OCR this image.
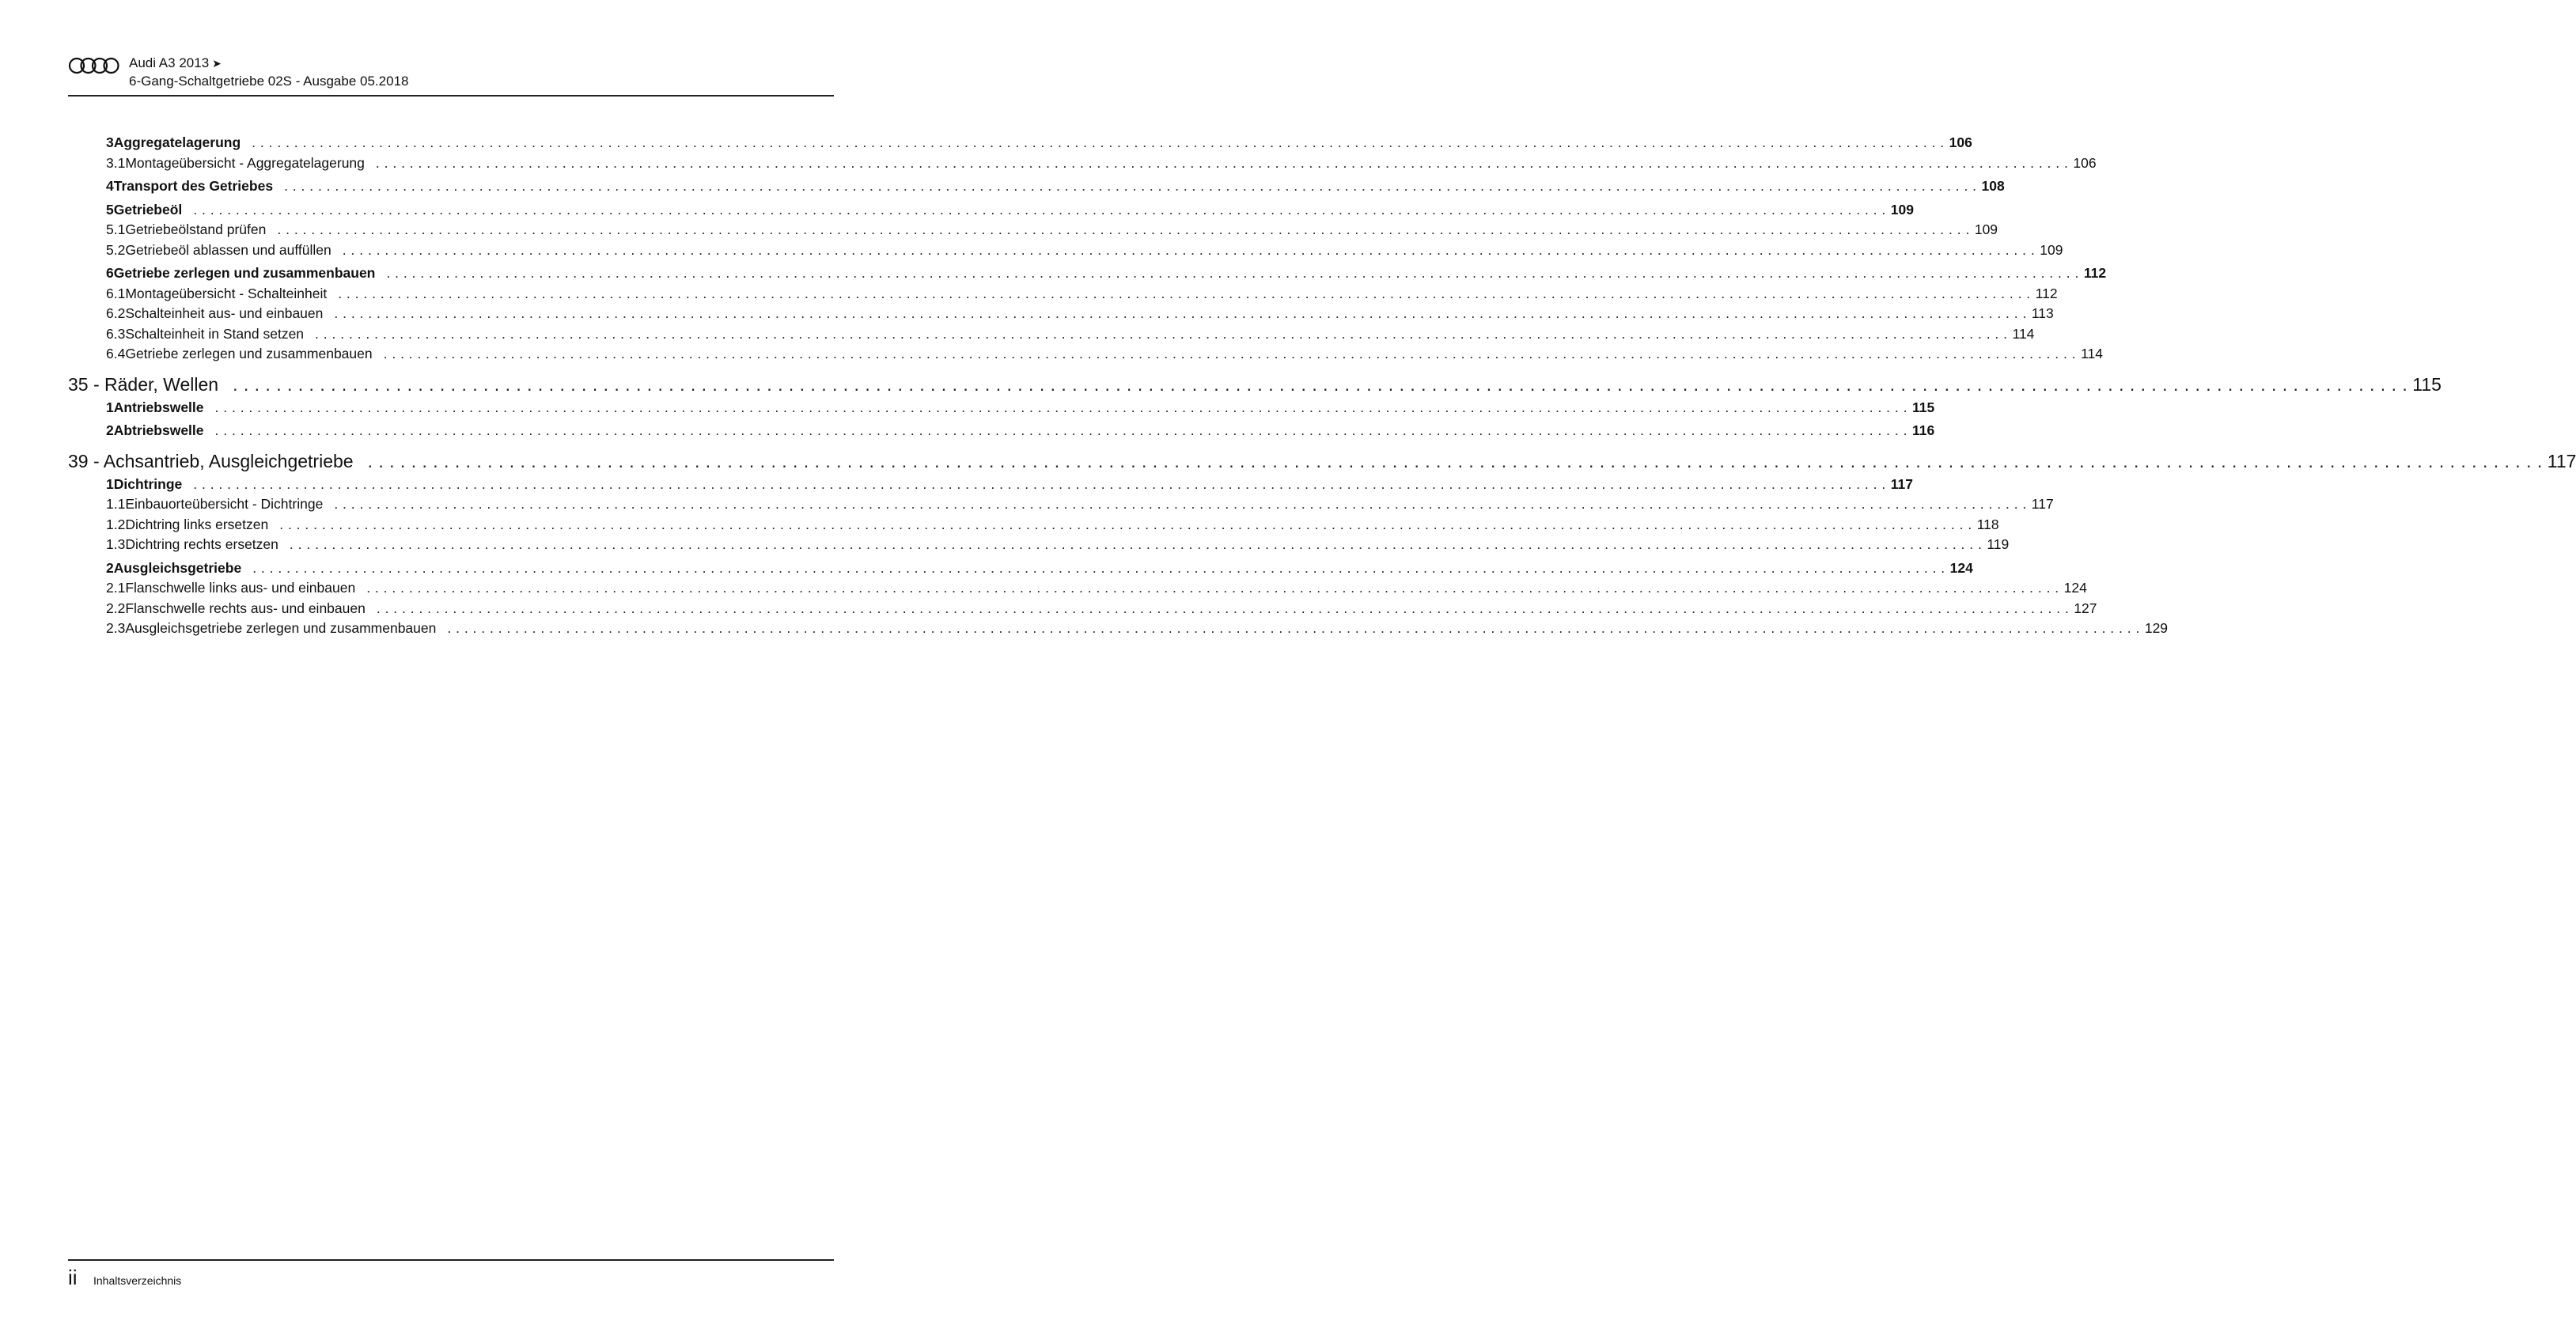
Audi A3 2013 ➤
6-Gang-Schaltgetriebe 02S - Ausgabe 05.2018
3 Aggregatelagerung . . . . . . . . . . . . . . . . . . . . . . . . . . . . . . . . . . . . . . . . . . . . . . . . . . . . . . . . . . . . . . . . . . . . . . . . . . . . . . . . . . . . . . . . . . . . . . . . . . . . . . . . . . . . . . . . . . . . . . . . . . . . . . . . . . . . . . . . . . . . . . . . . . . . . . . . . . . . . . . . . . . . . . . . . . . . . . . . . . . . . . . . . . . . . . . . . . . . . . . . 106
3.1 Montageübersicht - Aggregatelagerung . . . . . . . . . . . . . . . . . . . . . . . . . . . . . . . . . . . . . . . . . . . . . . . . . . . . . . . . . . . . . . . . . . . . . . . . . . . . . . . . . . . . . . . . . . . . . . . . . . . . . . . . . . . . . . . . . . . . . . . . . . . . . . . . . . . . . . . . . . . . . . . . . . . . . . . . . . . . . . . . . . . . . . . . . . . . . . . . . . . . . . . . . . . . . . . . . . . . . . . . 106
4 Transport des Getriebes . . . . . . . . . . . . . . . . . . . . . . . . . . . . . . . . . . . . . . . . . . . . . . . . . . . . . . . . . . . . . . . . . . . . . . . . . . . . . . . . . . . . . . . . . . . . . . . . . . . . . . . . . . . . . . . . . . . . . . . . . . . . . . . . . . . . . . . . . . . . . . . . . . . . . . . . . . . . . . . . . . . . . . . . . . . . . . . . . . . . . . . . . . . . . . . . . . . . . . . . 108
5 Getriebeöl . . . . . . . . . . . . . . . . . . . . . . . . . . . . . . . . . . . . . . . . . . . . . . . . . . . . . . . . . . . . . . . . . . . . . . . . . . . . . . . . . . . . . . . . . . . . . . . . . . . . . . . . . . . . . . . . . . . . . . . . . . . . . . . . . . . . . . . . . . . . . . . . . . . . . . . . . . . . . . . . . . . . . . . . . . . . . . . . . . . . . . . . . . . . . . . . . . . . . . . . 109
5.1 Getriebeölstand prüfen . . . . . . . . . . . . . . . . . . . . . . . . . . . . . . . . . . . . . . . . . . . . . . . . . . . . . . . . . . . . . . . . . . . . . . . . . . . . . . . . . . . . . . . . . . . . . . . . . . . . . . . . . . . . . . . . . . . . . . . . . . . . . . . . . . . . . . . . . . . . . . . . . . . . . . . . . . . . . . . . . . . . . . . . . . . . . . . . . . . . . . . . . . . . . . . . . . . . . . . . 109
5.2 Getriebeöl ablassen und auffüllen . . . . . . . . . . . . . . . . . . . . . . . . . . . . . . . . . . . . . . . . . . . . . . . . . . . . . . . . . . . . . . . . . . . . . . . . . . . . . . . . . . . . . . . . . . . . . . . . . . . . . . . . . . . . . . . . . . . . . . . . . . . . . . . . . . . . . . . . . . . . . . . . . . . . . . . . . . . . . . . . . . . . . . . . . . . . . . . . . . . . . . . . . . . . . . . . . . . . . . . . 109
6 Getriebe zerlegen und zusammenbauen . . . . . . . . . . . . . . . . . . . . . . . . . . . . . . . . . . . . . . . . . . . . . . . . . . . . . . . . . . . . . . . . . . . . . . . . . . . . . . . . . . . . . . . . . . . . . . . . . . . . . . . . . . . . . . . . . . . . . . . . . . . . . . . . . . . . . . . . . . . . . . . . . . . . . . . . . . . . . . . . . . . . . . . . . . . . . . . . . . . . . . . . . . . . . . . . . . . . . . . . 112
6.1 Montageübersicht - Schalteinheit . . . . . . . . . . . . . . . . . . . . . . . . . . . . . . . . . . . . . . . . . . . . . . . . . . . . . . . . . . . . . . . . . . . . . . . . . . . . . . . . . . . . . . . . . . . . . . . . . . . . . . . . . . . . . . . . . . . . . . . . . . . . . . . . . . . . . . . . . . . . . . . . . . . . . . . . . . . . . . . . . . . . . . . . . . . . . . . . . . . . . . . . . . . . . . . . . . . . . . . . 112
6.2 Schalteinheit aus- und einbauen . . . . . . . . . . . . . . . . . . . . . . . . . . . . . . . . . . . . . . . . . . . . . . . . . . . . . . . . . . . . . . . . . . . . . . . . . . . . . . . . . . . . . . . . . . . . . . . . . . . . . . . . . . . . . . . . . . . . . . . . . . . . . . . . . . . . . . . . . . . . . . . . . . . . . . . . . . . . . . . . . . . . . . . . . . . . . . . . . . . . . . . . . . . . . . . . . . . . . . . . 113
6.3 Schalteinheit in Stand setzen . . . . . . . . . . . . . . . . . . . . . . . . . . . . . . . . . . . . . . . . . . . . . . . . . . . . . . . . . . . . . . . . . . . . . . . . . . . . . . . . . . . . . . . . . . . . . . . . . . . . . . . . . . . . . . . . . . . . . . . . . . . . . . . . . . . . . . . . . . . . . . . . . . . . . . . . . . . . . . . . . . . . . . . . . . . . . . . . . . . . . . . . . . . . . . . . . . . . . . . . 114
6.4 Getriebe zerlegen und zusammenbauen . . . . . . . . . . . . . . . . . . . . . . . . . . . . . . . . . . . . . . . . . . . . . . . . . . . . . . . . . . . . . . . . . . . . . . . . . . . . . . . . . . . . . . . . . . . . . . . . . . . . . . . . . . . . . . . . . . . . . . . . . . . . . . . . . . . . . . . . . . . . . . . . . . . . . . . . . . . . . . . . . . . . . . . . . . . . . . . . . . . . . . . . . . . . . . . . . . . . . . . . 114
35 - Räder, Wellen . . . . . . . . . . . . . . . . . . . . . . . . . . . . . . . . . . . . . . . . . . . . . . . . . . . . . . . . . . . . . . . . . . . . . . . . . . . . . . . . . . . . . . . . . . . . . . . . . . . . . . . . . . . . . . . . . . . . . . . . . . . . . . . . . . . . . . . . . . . . . . . . . . . . . . . . . . . . . . . . . . . . . . . . . . . . . . . . . . . . . . . . . . . . . . . . . . . . . . . . 115
1 Antriebswelle . . . . . . . . . . . . . . . . . . . . . . . . . . . . . . . . . . . . . . . . . . . . . . . . . . . . . . . . . . . . . . . . . . . . . . . . . . . . . . . . . . . . . . . . . . . . . . . . . . . . . . . . . . . . . . . . . . . . . . . . . . . . . . . . . . . . . . . . . . . . . . . . . . . . . . . . . . . . . . . . . . . . . . . . . . . . . . . . . . . . . . . . . . . . . . . . . . . . . . . . 115
2 Abtriebswelle . . . . . . . . . . . . . . . . . . . . . . . . . . . . . . . . . . . . . . . . . . . . . . . . . . . . . . . . . . . . . . . . . . . . . . . . . . . . . . . . . . . . . . . . . . . . . . . . . . . . . . . . . . . . . . . . . . . . . . . . . . . . . . . . . . . . . . . . . . . . . . . . . . . . . . . . . . . . . . . . . . . . . . . . . . . . . . . . . . . . . . . . . . . . . . . . . . . . . . . . 116
39 - Achsantrieb, Ausgleichgetriebe . . . . . . . . . . . . . . . . . . . . . . . . . . . . . . . . . . . . . . . . . . . . . . . . . . . . . . . . . . . . . . . . . . . . . . . . . . . . . . . . . . . . . . . . . . . . . . . . . . . . . . . . . . . . . . . . . . . . . . . . . . . . . . . . . . . . . . . . . . . . . . . . . . . . . . . . . . . . . . . . . . . . . . . . . . . . . . . . . . . . . . . . . . . . . . . . . . . . . . . . 117
1 Dichtringe . . . . . . . . . . . . . . . . . . . . . . . . . . . . . . . . . . . . . . . . . . . . . . . . . . . . . . . . . . . . . . . . . . . . . . . . . . . . . . . . . . . . . . . . . . . . . . . . . . . . . . . . . . . . . . . . . . . . . . . . . . . . . . . . . . . . . . . . . . . . . . . . . . . . . . . . . . . . . . . . . . . . . . . . . . . . . . . . . . . . . . . . . . . . . . . . . . . . . . . . 117
1.1 Einbauorteübersicht - Dichtringe . . . . . . . . . . . . . . . . . . . . . . . . . . . . . . . . . . . . . . . . . . . . . . . . . . . . . . . . . . . . . . . . . . . . . . . . . . . . . . . . . . . . . . . . . . . . . . . . . . . . . . . . . . . . . . . . . . . . . . . . . . . . . . . . . . . . . . . . . . . . . . . . . . . . . . . . . . . . . . . . . . . . . . . . . . . . . . . . . . . . . . . . . . . . . . . . . . . . . . . . 117
1.2 Dichtring links ersetzen . . . . . . . . . . . . . . . . . . . . . . . . . . . . . . . . . . . . . . . . . . . . . . . . . . . . . . . . . . . . . . . . . . . . . . . . . . . . . . . . . . . . . . . . . . . . . . . . . . . . . . . . . . . . . . . . . . . . . . . . . . . . . . . . . . . . . . . . . . . . . . . . . . . . . . . . . . . . . . . . . . . . . . . . . . . . . . . . . . . . . . . . . . . . . . . . . . . . . . . . 118
1.3 Dichtring rechts ersetzen . . . . . . . . . . . . . . . . . . . . . . . . . . . . . . . . . . . . . . . . . . . . . . . . . . . . . . . . . . . . . . . . . . . . . . . . . . . . . . . . . . . . . . . . . . . . . . . . . . . . . . . . . . . . . . . . . . . . . . . . . . . . . . . . . . . . . . . . . . . . . . . . . . . . . . . . . . . . . . . . . . . . . . . . . . . . . . . . . . . . . . . . . . . . . . . . . . . . . . . . 119
2 Ausgleichsgetriebe . . . . . . . . . . . . . . . . . . . . . . . . . . . . . . . . . . . . . . . . . . . . . . . . . . . . . . . . . . . . . . . . . . . . . . . . . . . . . . . . . . . . . . . . . . . . . . . . . . . . . . . . . . . . . . . . . . . . . . . . . . . . . . . . . . . . . . . . . . . . . . . . . . . . . . . . . . . . . . . . . . . . . . . . . . . . . . . . . . . . . . . . . . . . . . . . . . . . . . . . 124
2.1 Flanschwelle links aus- und einbauen . . . . . . . . . . . . . . . . . . . . . . . . . . . . . . . . . . . . . . . . . . . . . . . . . . . . . . . . . . . . . . . . . . . . . . . . . . . . . . . . . . . . . . . . . . . . . . . . . . . . . . . . . . . . . . . . . . . . . . . . . . . . . . . . . . . . . . . . . . . . . . . . . . . . . . . . . . . . . . . . . . . . . . . . . . . . . . . . . . . . . . . . . . . . . . . . . . . . . . . . 124
2.2 Flanschwelle rechts aus- und einbauen . . . . . . . . . . . . . . . . . . . . . . . . . . . . . . . . . . . . . . . . . . . . . . . . . . . . . . . . . . . . . . . . . . . . . . . . . . . . . . . . . . . . . . . . . . . . . . . . . . . . . . . . . . . . . . . . . . . . . . . . . . . . . . . . . . . . . . . . . . . . . . . . . . . . . . . . . . . . . . . . . . . . . . . . . . . . . . . . . . . . . . . . . . . . . . . . . . . . . . . . 127
2.3 Ausgleichsgetriebe zerlegen und zusammenbauen . . . . . . . . . . . . . . . . . . . . . . . . . . . . . . . . . . . . . . . . . . . . . . . . . . . . . . . . . . . . . . . . . . . . . . . . . . . . . . . . . . . . . . . . . . . . . . . . . . . . . . . . . . . . . . . . . . . . . . . . . . . . . . . . . . . . . . . . . . . . . . . . . . . . . . . . . . . . . . . . . . . . . . . . . . . . . . . . . . . . . . . . . . . . . . . . . . . . . . . . 129
ii Inhaltsverzeichnis
